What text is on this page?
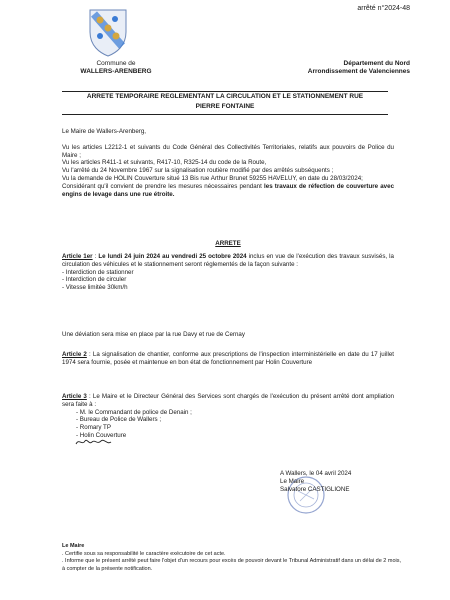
arrêté n°2024-48
Commune de
WALLERS-ARENBERG
Département du Nord
Arrondissement de Valenciennes
ARRETE TEMPORAIRE REGLEMENTANT LA CIRCULATION ET LE STATIONNEMENT RUE
PIERRE FONTAINE
Le Maire de Wallers-Arenberg,
Vu les articles L2212-1 et suivants du Code Général des Collectivités Territoriales, relatifs aux pouvoirs de Police du Maire ;
Vu les articles R411-1 et suivants, R417-10, R325-14 du code de la Route,
Vu l'arrêté du 24 Novembre 1967 sur la signalisation routière modifié par des arrêtés subséquents ;
Vu la demande de HOLIN Couverture situé 13 Bis rue Arthur Brunet 59255 HAVELUY, en date du 28/03/2024;
Considérant qu'il convient de prendre les mesures nécessaires pendant les travaux de réfection de couverture avec engins de levage dans une rue étroite.
ARRETE
Article 1er : Le lundi 24 juin 2024 au vendredi 25 octobre 2024 inclus en vue de l'exécution des travaux susvisés, la circulation des véhicules et le stationnement seront réglementés de la façon suivante :
- Interdiction de stationner
- Interdiction de circuler
- Vitesse limitée 30km/h
Une déviation sera mise en place par la rue Davy et rue de Cernay
Article 2 : La signalisation de chantier, conforme aux prescriptions de l'inspection interministérielle en date du 17 juillet 1974 sera fournie, posée et maintenue en bon état de fonctionnement par Holin Couverture
Article 3 : Le Maire et le Directeur Général des Services sont chargés de l'exécution du présent arrêté dont ampliation sera faite à :
- M. le Commandant de police de Denain ;
- Bureau de Police de Wallers ;
- Romary TP
- Holin Couverture
A Wallers, le 04 avril 2024
Le Maire
Salvatore CASTIGLIONE
Le Maire
. Certifie sous sa responsabilité le caractère exécutoire de cet acte.
. Informe que le présent arrêté peut faire l'objet d'un recours pour excès de pouvoir devant le Tribunal Administratif dans un délai de 2 mois, à compter de la présente notification.
